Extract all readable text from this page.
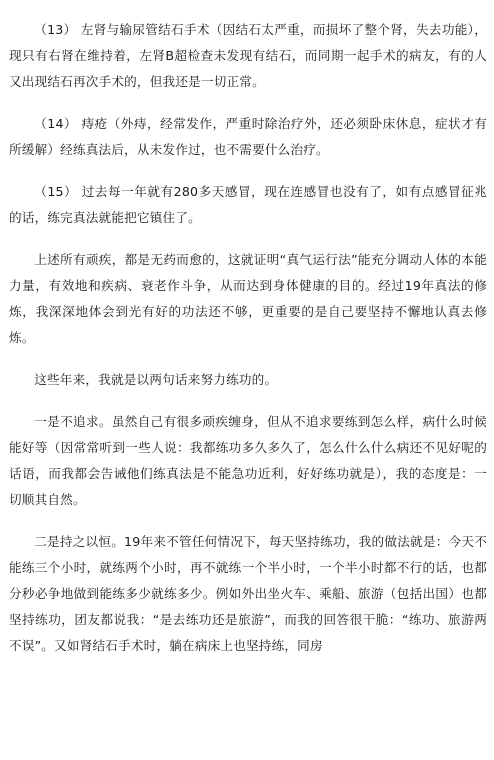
（13） 左肾与输尿管结石手术（因结石太严重，而损坏了整个肾，失去功能），现只有右肾在维持着，左肾B超检查未发现有结石，而同期一起手术的病友，有的人又出现结石再次手术的，但我还是一切正常。

（14） 痔疮（外痔，经常发作，严重时除治疗外，还必须卧床休息，症状才有所缓解）经练真法后，从未发作过，也不需要什么治疗。

（15） 过去每一年就有280多天感冒，现在连感冒也没有了，如有点感冒征兆的话，练完真法就能把它镇住了。

上述所有顽疾，都是无药而愈的，这就证明“真气运行法”能充分调动人体的本能力量，有效地和疾病、衰老作斗争，从而达到身体健康的目的。经过19年真法的修炼，我深深地体会到光有好的功法还不够，更重要的是自己要坚持不懈地认真去修炼。

这些年来，我就是以两句话来努力练功的。

一是不追求。虽然自己有很多顽疾缠身，但从不追求要练到怎么样，病什么时候能好等（因常常听到一些人说：我都练功多久多久了，怎么什么什么病还不见好呢的话语，而我都会告诫他们练真法是不能急功近利，好好练功就是），我的态度是：一切顺其自然。

二是持之以恒。19年来不管任何情况下，每天坚持练功，我的做法就是：今天不能练三个小时，就练两个小时，再不就练一个半小时，一个半小时都不行的话，也都分秒必争地做到能练多少就练多少。例如外出坐火车、乘船、旅游（包括出国）也都坚持练功，团友都说我：“是去练功还是旅游”，而我的回答很干脆：“练功、旅游两不误”。又如肾结石手术时，躺在病床上也坚持练，同房
